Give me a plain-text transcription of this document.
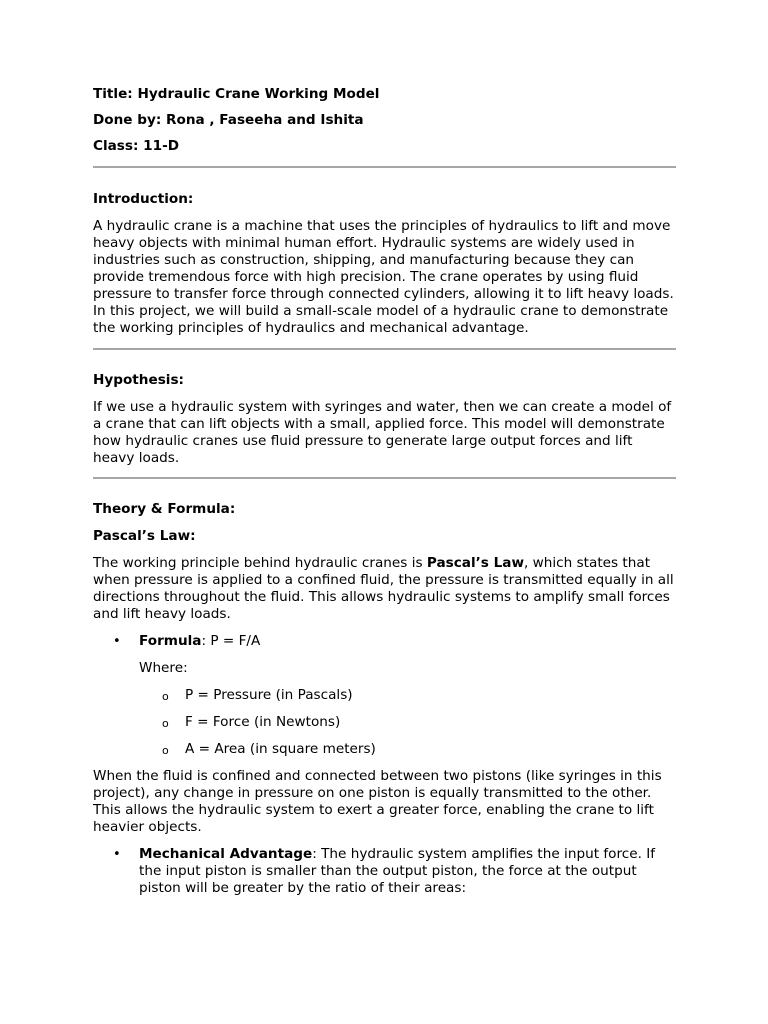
Title: Hydraulic Crane Working Model

Done by: Rona , Faseeha and Ishita

Class: 11-D

Introduction:

A hydraulic crane is a machine that uses the principles of hydraulics to lift and move heavy objects with minimal human effort. Hydraulic systems are widely used in industries such as construction, shipping, and manufacturing because they can provide tremendous force with high precision. The crane operates by using fluid pressure to transfer force through connected cylinders, allowing it to lift heavy loads. In this project, we will build a small-scale model of a hydraulic crane to demonstrate the working principles of hydraulics and mechanical advantage.

Hypothesis:

If we use a hydraulic system with syringes and water, then we can create a model of a crane that can lift objects with a small, applied force. This model will demonstrate how hydraulic cranes use fluid pressure to generate large output forces and lift heavy loads.

Theory & Formula:

Pascal’s Law:

The working principle behind hydraulic cranes is Pascal’s Law, which states that when pressure is applied to a confined fluid, the pressure is transmitted equally in all directions throughout the fluid. This allows hydraulic systems to amplify small forces and lift heavy loads.

• Formula: P = F/A

Where:

o P = Pressure (in Pascals)
o F = Force (in Newtons)
o A = Area (in square meters)

When the fluid is confined and connected between two pistons (like syringes in this project), any change in pressure on one piston is equally transmitted to the other. This allows the hydraulic system to exert a greater force, enabling the crane to lift heavier objects.

• Mechanical Advantage: The hydraulic system amplifies the input force. If the input piston is smaller than the output piston, the force at the output piston will be greater by the ratio of their areas:
